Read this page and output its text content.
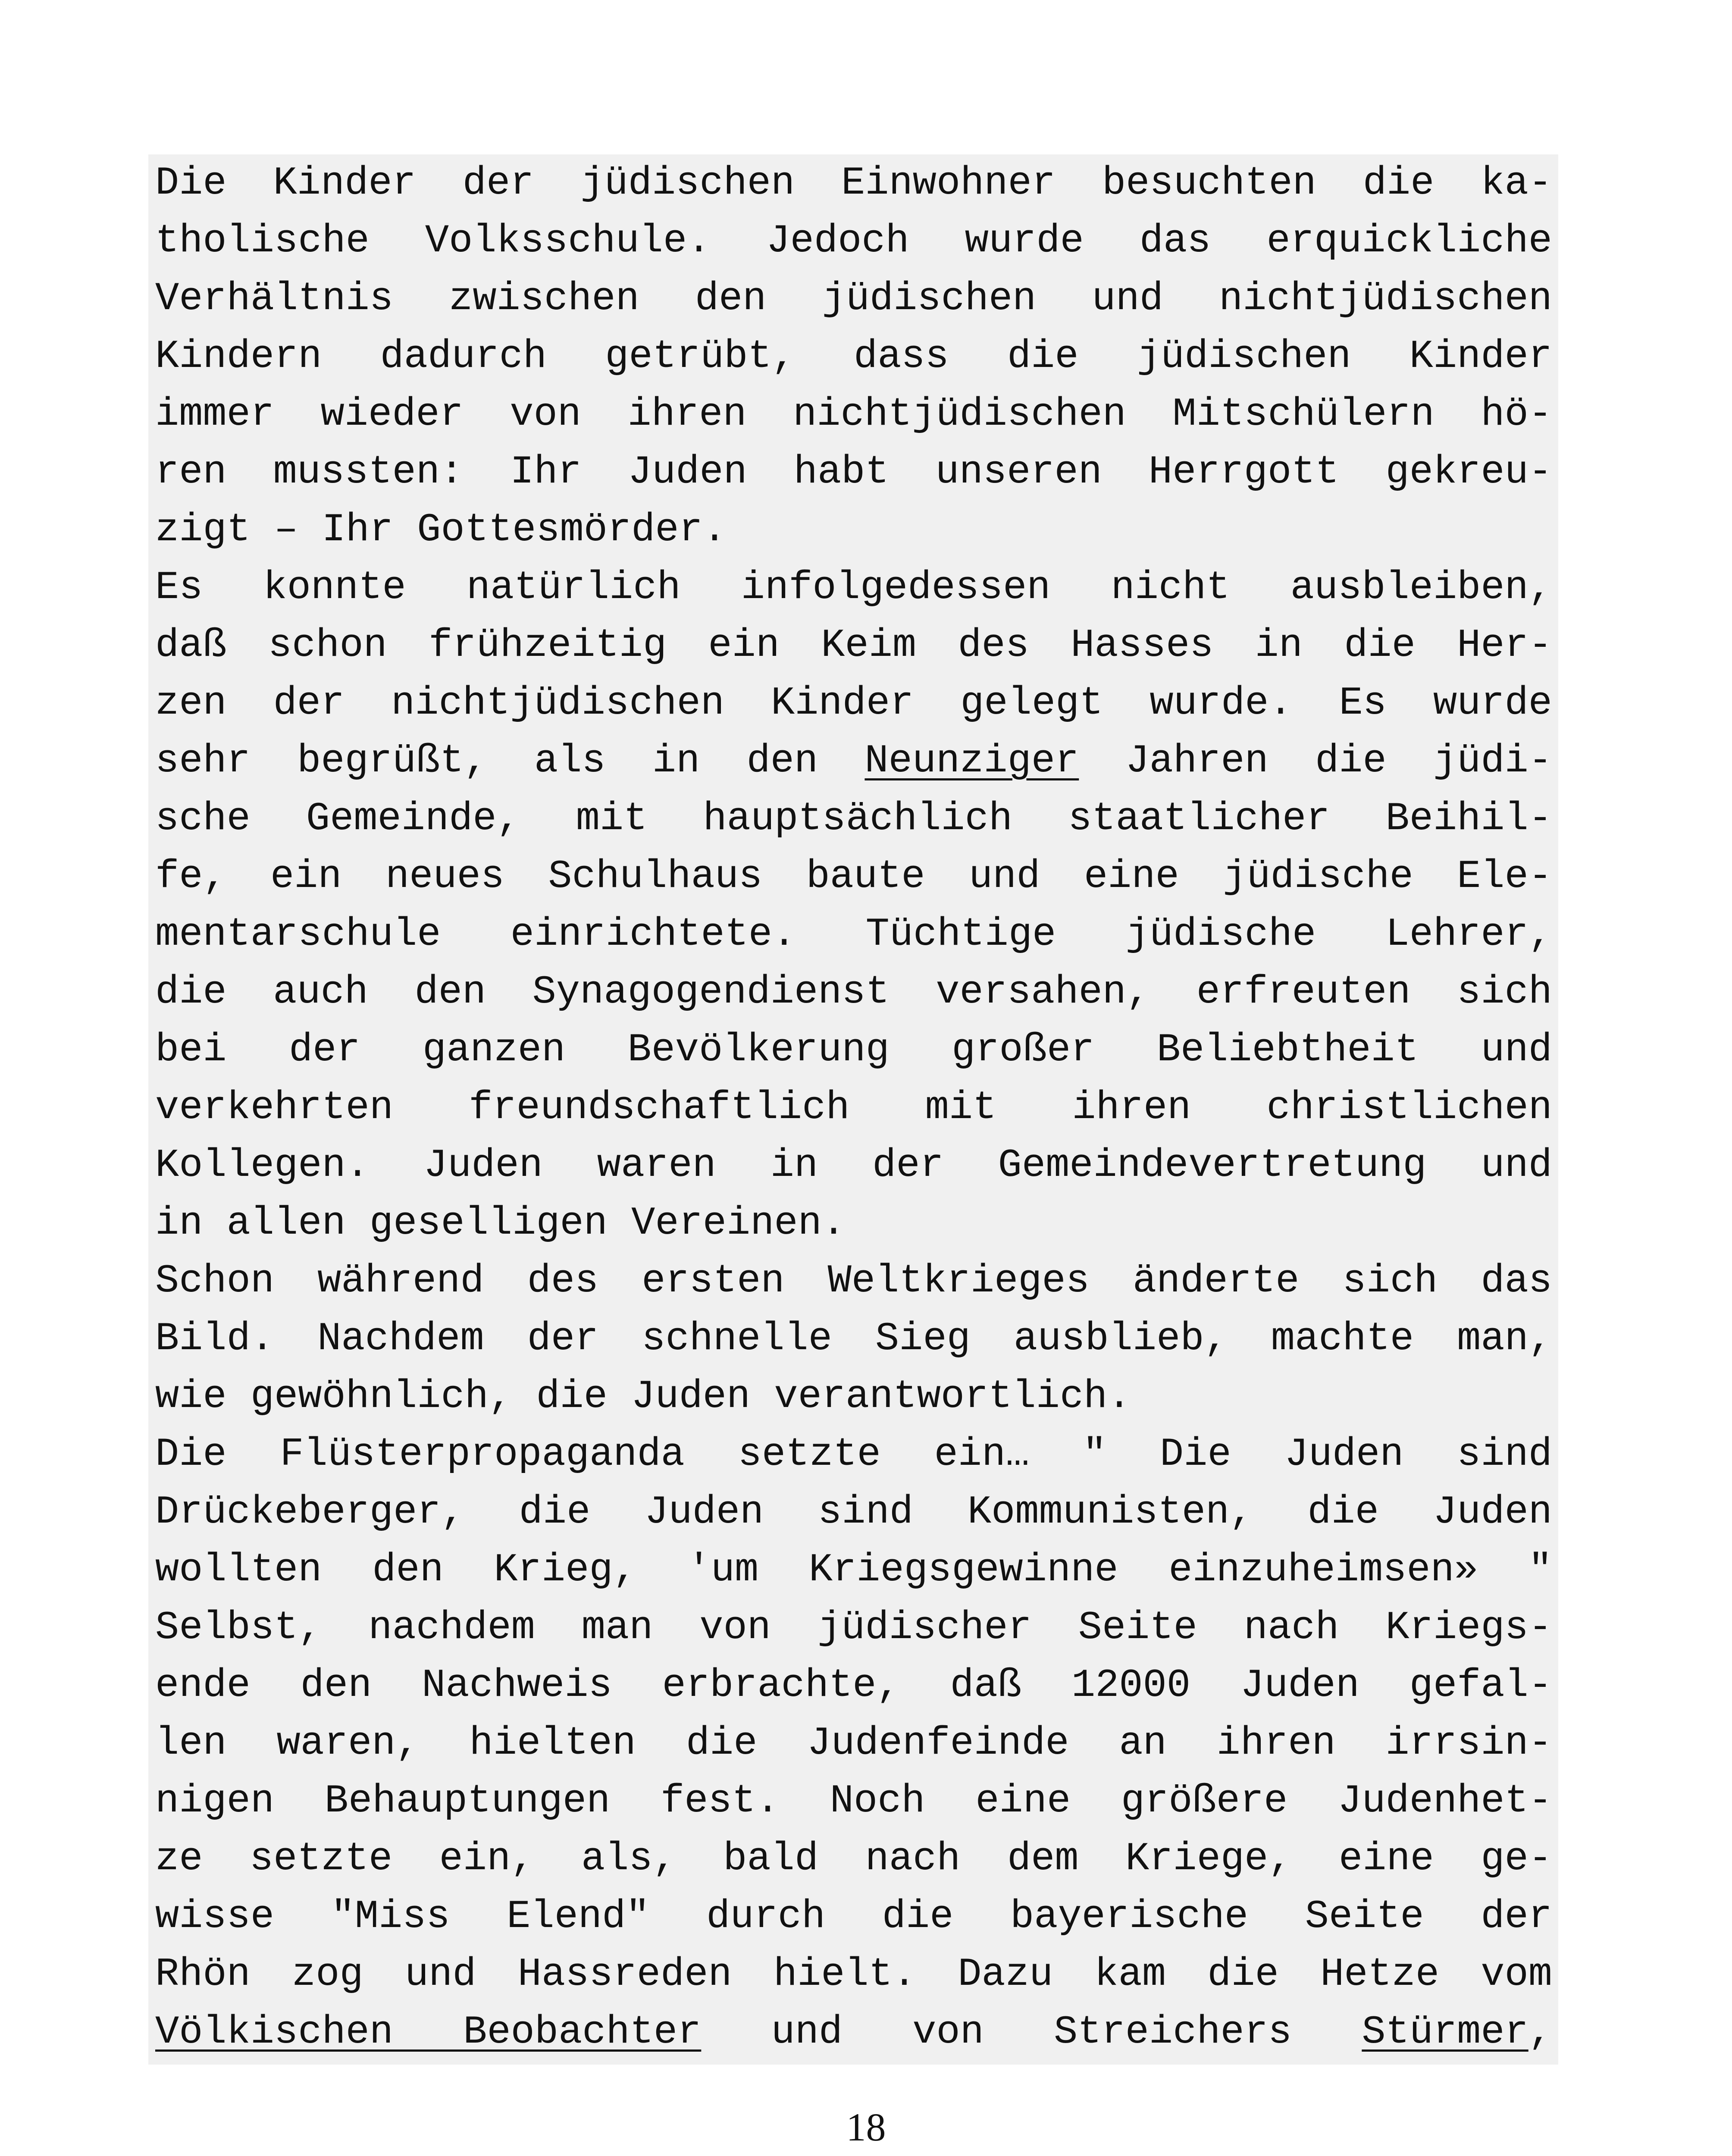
Die Kinder der jüdischen Einwohner besuchten die ka-
tholische Volksschule. Jedoch wurde das erquickliche
Verhältnis zwischen den jüdischen und nichtjüdischen
Kindern dadurch getrübt, dass die jüdischen Kinder
immer wieder von ihren nichtjüdischen Mitschülern hö-
ren mussten: Ihr Juden habt unseren Herrgott gekreu-
zigt – Ihr Gottesmörder.
Es konnte natürlich infolgedessen nicht ausbleiben,
daß schon frühzeitig ein Keim des Hasses in die Her-
zen der nichtjüdischen Kinder gelegt wurde. Es wurde
sehr begrüßt, als in den Neunziger Jahren die jüdi-
sche Gemeinde, mit hauptsächlich staatlicher Beihil-
fe, ein neues Schulhaus baute und eine jüdische Ele-
mentarschule einrichtete. Tüchtige jüdische Lehrer,
die auch den Synagogendienst versahen, erfreuten sich
bei der ganzen Bevölkerung großer Beliebtheit und
verkehrten freundschaftlich mit ihren christlichen
Kollegen. Juden waren in der Gemeindevertretung und
in allen geselligen Vereinen.
Schon während des ersten Weltkrieges änderte sich das
Bild. Nachdem der schnelle Sieg ausblieb, machte man,
wie gewöhnlich, die Juden verantwortlich.
Die Flüsterpropaganda setzte ein… " Die Juden sind
Drückeberger, die Juden sind Kommunisten, die Juden
wollten den Krieg, 'um Kriegsgewinne einzuheimsen» "
Selbst, nachdem man von jüdischer Seite nach Kriegs-
ende den Nachweis erbrachte, daß 12000 Juden gefal-
len waren, hielten die Judenfeinde an ihren irrsin-
nigen Behauptungen fest. Noch eine größere Judenhet-
ze setzte ein, als, bald nach dem Kriege, eine ge-
wisse "Miss Elend" durch die bayerische Seite der
Rhön zog und Hassreden hielt. Dazu kam die Hetze vom
Völkischen Beobachter und von Streichers Stürmer,
18
